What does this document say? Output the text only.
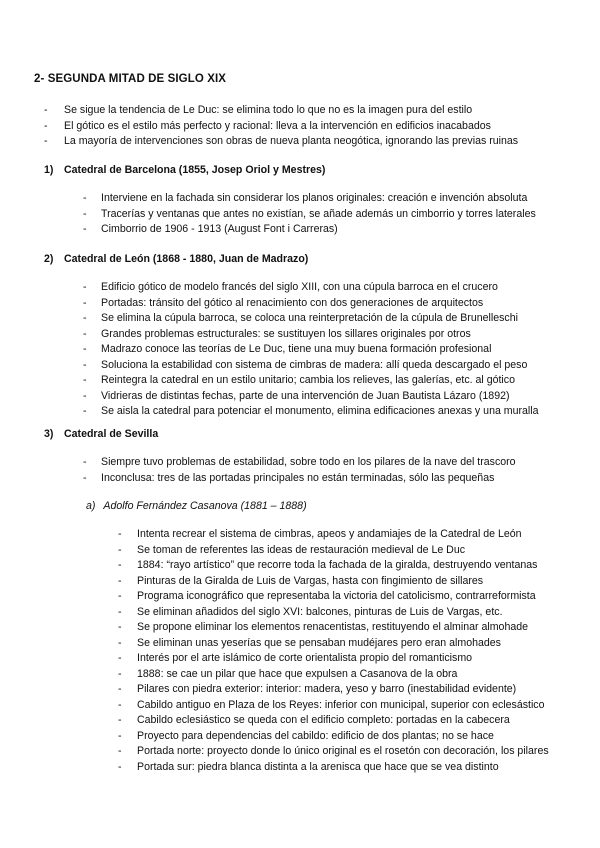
2- SEGUNDA MITAD DE SIGLO XIX
- Se sigue la tendencia de Le Duc: se elimina todo lo que no es la imagen pura del estilo
- El gótico es el estilo más perfecto y racional: lleva a la intervención en edificios inacabados
- La mayoría de intervenciones son obras de nueva planta neogótica, ignorando las previas ruinas
1) Catedral de Barcelona (1855, Josep Oriol y Mestres)
- Interviene en la fachada sin considerar los planos originales: creación e invención absoluta
- Tracerías y ventanas que antes no existían, se añade además un cimborrio y torres laterales
- Cimborrio de 1906 - 1913 (August Font i Carreras)
2) Catedral de León (1868 - 1880, Juan de Madrazo)
- Edificio gótico de modelo francés del siglo XIII, con una cúpula barroca en el crucero
- Portadas: tránsito del gótico al renacimiento con dos generaciones de arquitectos
- Se elimina la cúpula barroca, se coloca una reinterpretación de la cúpula de Brunelleschi
- Grandes problemas estructurales: se sustituyen los sillares originales por otros
- Madrazo conoce las teorías de Le Duc, tiene una muy buena formación profesional
- Soluciona la estabilidad con sistema de cimbras de madera: allí queda descargado el peso
- Reintegra la catedral en un estilo unitario; cambia los relieves, las galerías, etc. al gótico
- Vidrieras de distintas fechas, parte de una intervención de Juan Bautista Lázaro (1892)
- Se aisla la catedral para potenciar el monumento, elimina edificaciones anexas y una muralla
3) Catedral de Sevilla
- Siempre tuvo problemas de estabilidad, sobre todo en los pilares de la nave del trascoro
- Inconclusa: tres de las portadas principales no están terminadas, sólo las pequeñas
a) Adolfo Fernández Casanova (1881 – 1888)
- Intenta recrear el sistema de cimbras, apeos y andamiajes de la Catedral de León
- Se toman de referentes las ideas de restauración medieval de Le Duc
- 1884: “rayo artístico” que recorre toda la fachada de la giralda, destruyendo ventanas
- Pinturas de la Giralda de Luis de Vargas, hasta con fingimiento de sillares
- Programa iconográfico que representaba la victoria del catolicismo, contrarreformista
- Se eliminan añadidos del siglo XVI: balcones, pinturas de Luis de Vargas, etc.
- Se propone eliminar los elementos renacentistas, restituyendo el alminar almohade
- Se eliminan unas yeserías que se pensaban mudéjares pero eran almohades
- Interés por el arte islámico de corte orientalista propio del romanticismo
- 1888: se cae un pilar que hace que expulsen a Casanova de la obra
- Pilares con piedra exterior: interior: madera, yeso y barro (inestabilidad evidente)
- Cabildo antiguo en Plaza de los Reyes: inferior con municipal, superior con eclesástico
- Cabildo eclesiástico se queda con el edificio completo: portadas en la cabecera
- Proyecto para dependencias del cabildo: edificio de dos plantas; no se hace
- Portada norte: proyecto donde lo único original es el rosetón con decoración, los pilares
- Portada sur: piedra blanca distinta a la arenisca que hace que se vea distinto
